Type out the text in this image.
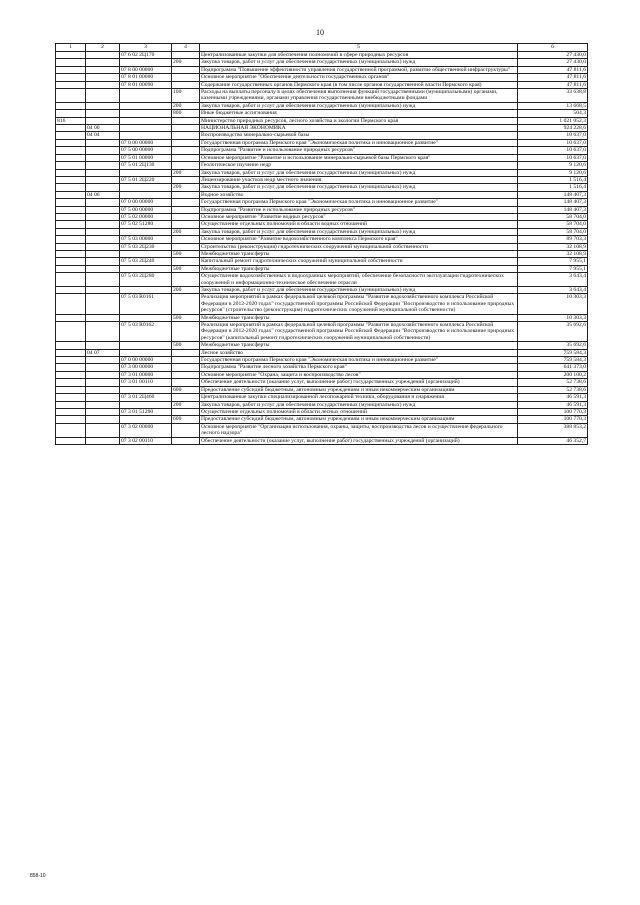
10
1	2	3	4	5	6
		07 6 02 2Ц170		Централизованные закупки для обеспечения полномочий в сфере природных ресурсов	27 430,0
			200	Закупка товаров, работ и услуг для обеспечения государственных (муниципальных) нужд	27 430,0
		07 8 00 00000		Подпрограмма "Повышение эффективности управления государственной программой, развитие общественной инфраструктуры"	47 811,6
		07 8 01 00000		Основное мероприятие "Обеспечение деятельности государственных органов"	47 811,6
		07 8 01 00090		Содержание государственных органов Пермского края (в том числе органов государственной власти Пермского края)	47 811,6
			100	Расходы на выплаты персоналу в целях обеспечения выполнения функций государственными (муниципальными) органами, казенными учреждениями, органами управления государственными внебюджетными фондами	33 638,8
			200	Закупка товаров, работ и услуг для обеспечения государственных (муниципальных) нужд	13 668,5
			800	Иные бюджетные ассигнования	504,3
816				Министерство природных ресурсов, лесного хозяйства и экологии Пермского края	1 021 052,3
	04 00			НАЦИОНАЛЬНАЯ ЭКОНОМИКА	924 228,6
	04 04			Воспроизводство минерально-сырьевой базы	10 637,0
		07 0 00 00000		Государственная программа Пермского края "Экономическая политика и инновационное развитие"	10 637,0
		07 5 00 00000		Подпрограмма "Развитие и использование природных ресурсов"	10 637,0
		07 5 01 00000		Основное мероприятие "Развитие и использование минерально-сырьевой базы Пермского края"	10 637,0
		07 5 01 2Ц130		Геологическое изучение недр	9 120,6
			200	Закупка товаров, работ и услуг для обеспечения государственных (муниципальных) нужд	9 120,6
		07 5 01 2Ц220		Лицензирование участков недр местного значения	1 516,4
			200	Закупка товаров, работ и услуг для обеспечения государственных (муниципальных) нужд	1 516,4
	04 06			Водное хозяйство	148 407,3
		07 0 00 00000		Государственная программа Пермского края "Экономическая политика и инновационное развитие"	148 407,3
		07 5 00 00000		Подпрограмма "Развитие и использование природных ресурсов"	148 407,3
		07 5 02 00000		Основное мероприятие "Развитие водных ресурсов"	58 704,0
		07 5 02 51280		Осуществление отдельных полномочий в области водных отношений	58 704,0
			200	Закупка товаров, работ и услуг для обеспечения государственных (муниципальных) нужд	58 704,0
		07 5 03 00000		Основное мероприятие "Развитие водохозяйственного комплекса Пермского края"	89 703,3
		07 5 03 2Ц230		Строительство (реконструкция) гидротехнических сооружений муниципальной собственности	32 108,9
			500	Межбюджетные трансферты	32 108,9
		07 5 03 2Ц240		Капитальный ремонт гидротехнических сооружений муниципальной собственности	7 955,1
			500	Межбюджетные трансферты	7 955,1
		07 5 03 2Ц280		Осуществление водохозяйственных и водоохранных мероприятий, обеспечение безопасности эксплуатации гидротехнических сооружений и информационно-техническое обеспечение отрасли	3 643,4
			200	Закупка товаров, работ и услуг для обеспечения государственных (муниципальных) нужд	3 643,4
		07 5 03 R0161		Реализация мероприятий в рамках федеральной целевой программы "Развитие водохозяйственного комплекса Российской Федерации в 2012-2020 годах" государственной программы Российской Федерации "Воспроизводство и использование природных ресурсов" (строительство (реконструкция) гидротехнических сооружений муниципальной собственности)	10 303,3
			500	Межбюджетные трансферты	10 303,3
		07 5 03 R0162		Реализация мероприятий в рамках федеральной целевой программы "Развитие водохозяйственного комплекса Российской Федерации в 2012-2020 годах" государственной программы Российской Федерации "Воспроизводство и использование природных ресурсов" (капитальный ремонт гидротехнических сооружений муниципальной собственности)	35 692,6
			500	Межбюджетные трансферты	35 692,6
	04 07			Лесное хозяйство	759 584,3
		07 0 00 00000		Государственная программа Пермского края "Экономическая политика и инновационное развитие"	759 584,3
		07 3 00 00000		Подпрограмма "Развитие лесного хозяйства Пермского края"	641 373,0
		07 3 01 00000		Основное мероприятие "Охрана, защита и воспроизводство лесов"	200 100,2
		07 3 01 00110		Обеспечение деятельности (оказание услуг, выполнение работ) государственных учреждений (организаций)	52 738,6
			600	Предоставление субсидий бюджетным, автономным учреждениям и иным некоммерческим организациям	52 738,6
		07 3 01 2Ц460		Централизованные закупки специализированной лесопожарной техники, оборудования и снаряжения	46 591,3
			200	Закупка товаров, работ и услуг для обеспечения государственных (муниципальных) нужд	46 591,3
		07 3 01 51290		Осуществление отдельных полномочий в области лесных отношений	100 770,3
			600	Предоставление субсидий бюджетным, автономным учреждениям и иным некоммерческим организациям	100 770,3
		07 3 02 00000		Основное мероприятие "Организация использования, охраны, защиты, воспроизводства лесов и осуществление федерального лесного надзора"	388 853,2
		07 3 02 00110		Обеспечение деятельности (оказание услуг, выполнение работ) государственных учреждений (организаций)	46 352,7
858-10
